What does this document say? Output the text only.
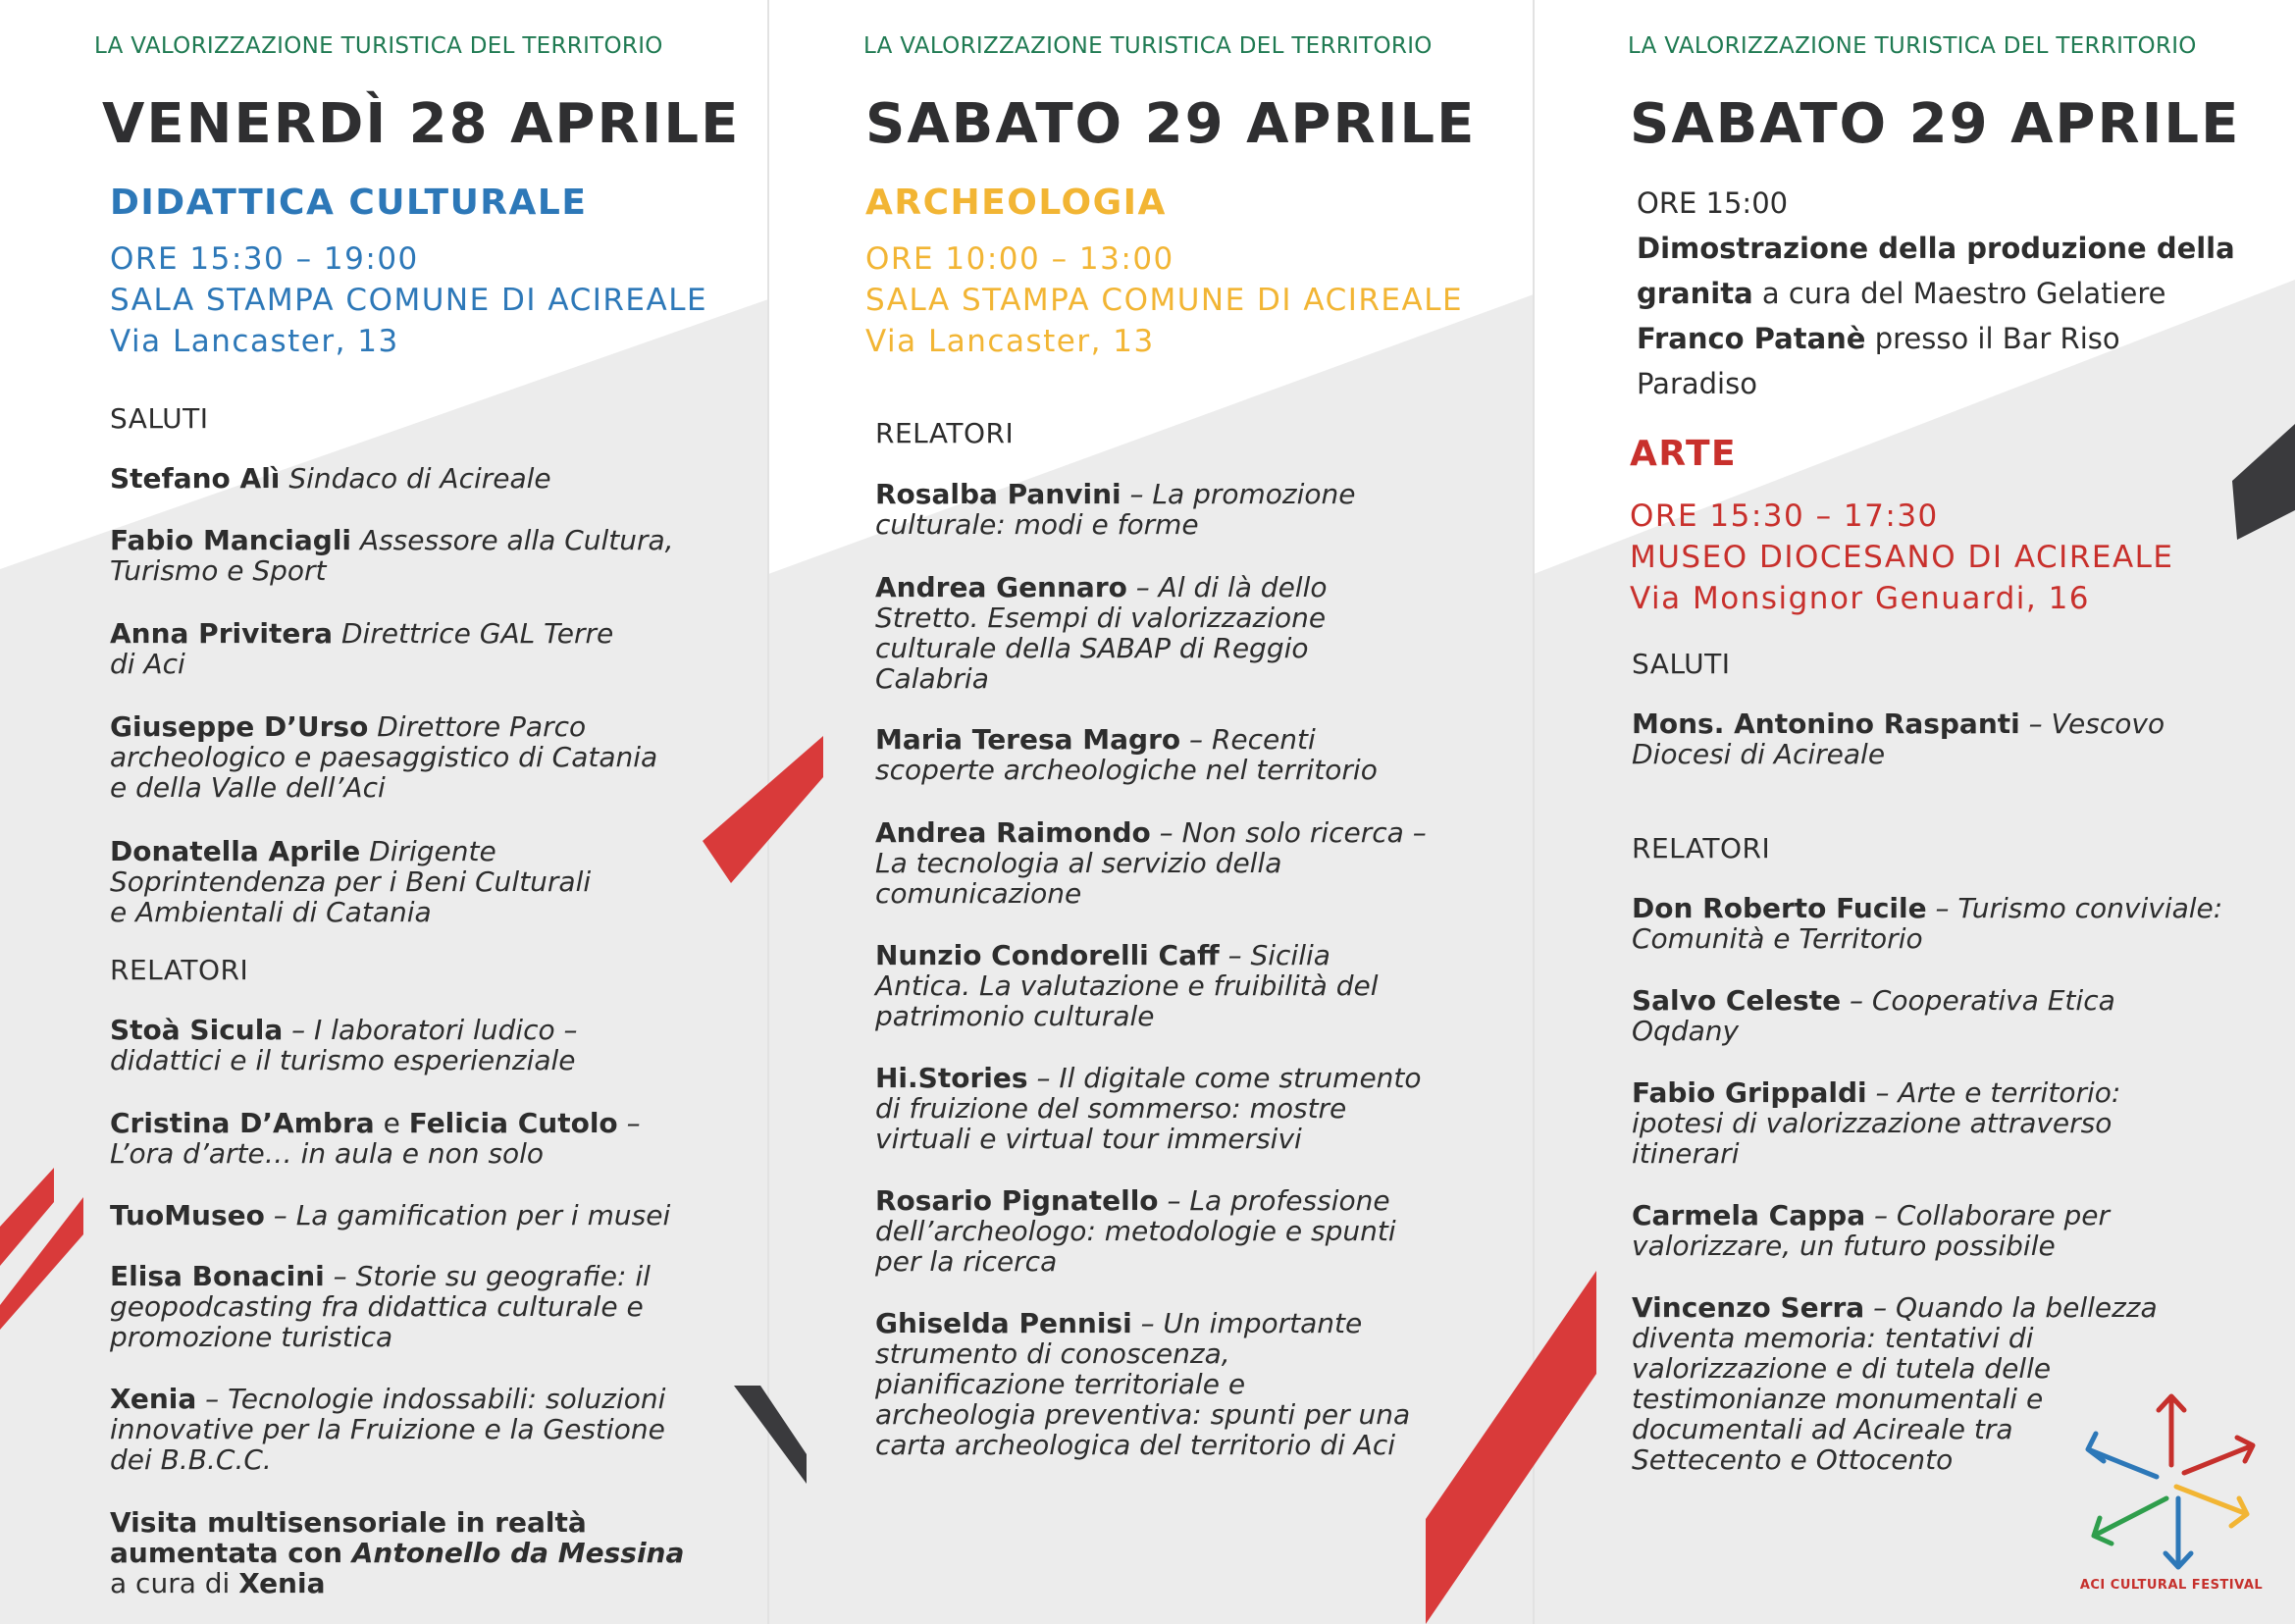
LA VALORIZZAZIONE TURISTICA DEL TERRITORIO
VENERDÌ 28 APRILE
DIDATTICA CULTURALE
ORE 15:30 – 19:00
SALA STAMPA COMUNE DI ACIREALE
Via Lancaster, 13
SALUTI
Stefano Alì Sindaco di Acireale
Fabio Manciagli Assessore alla Cultura,
Turismo e Sport
Anna Privitera Direttrice GAL Terre
di Aci
Giuseppe D’Urso Direttore Parco
archeologico e paesaggistico di Catania
e della Valle dell’Aci
Donatella Aprile Dirigente
Soprintendenza per i Beni Culturali
e Ambientali di Catania
RELATORI
Stoà Sicula – I laboratori ludico –
didattici e il turismo esperienziale
Cristina D’Ambra e Felicia Cutolo –
L’ora d’arte… in aula e non solo
TuoMuseo – La gamification per i musei
Elisa Bonacini – Storie su geografie: il
geopodcasting fra didattica culturale e
promozione turistica
Xenia – Tecnologie indossabili: soluzioni
innovative per la Fruizione e la Gestione
dei B.B.C.C.
Visita multisensoriale in realtà
aumentata con Antonello da Messina
a cura di Xenia
LA VALORIZZAZIONE TURISTICA DEL TERRITORIO
SABATO 29 APRILE
ARCHEOLOGIA
ORE 10:00 – 13:00
SALA STAMPA COMUNE DI ACIREALE
Via Lancaster, 13
RELATORI
Rosalba Panvini – La promozione
culturale: modi e forme
Andrea Gennaro – Al di là dello
Stretto. Esempi di valorizzazione
culturale della SABAP di Reggio
Calabria
Maria Teresa Magro – Recenti
scoperte archeologiche nel territorio
Andrea Raimondo – Non solo ricerca –
La tecnologia al servizio della
comunicazione
Nunzio Condorelli Caff – Sicilia
Antica. La valutazione e fruibilità del
patrimonio culturale
Hi.Stories – Il digitale come strumento
di fruizione del sommerso: mostre
virtuali e virtual tour immersivi
Rosario Pignatello – La professione
dell’archeologo: metodologie e spunti
per la ricerca
Ghiselda Pennisi – Un importante
strumento di conoscenza,
pianificazione territoriale e
archeologia preventiva: spunti per una
carta archeologica del territorio di Aci
LA VALORIZZAZIONE TURISTICA DEL TERRITORIO
SABATO 29 APRILE
ORE 15:00
Dimostrazione della produzione della
granita a cura del Maestro Gelatiere
Franco Patanè presso il Bar Riso
Paradiso
ARTE
ORE 15:30 – 17:30
MUSEO DIOCESANO DI ACIREALE
Via Monsignor Genuardi, 16
SALUTI
Mons. Antonino Raspanti – Vescovo
Diocesi di Acireale
RELATORI
Don Roberto Fucile – Turismo conviviale:
Comunità e Territorio
Salvo Celeste – Cooperativa Etica
Oqdany
Fabio Grippaldi – Arte e territorio:
ipotesi di valorizzazione attraverso
itinerari
Carmela Cappa – Collaborare per
valorizzare, un futuro possibile
Vincenzo Serra – Quando la bellezza
diventa memoria: tentativi di
valorizzazione e di tutela delle
testimonianze monumentali e
documentali ad Acireale tra
Settecento e Ottocento
ACI CULTURAL FESTIVAL
